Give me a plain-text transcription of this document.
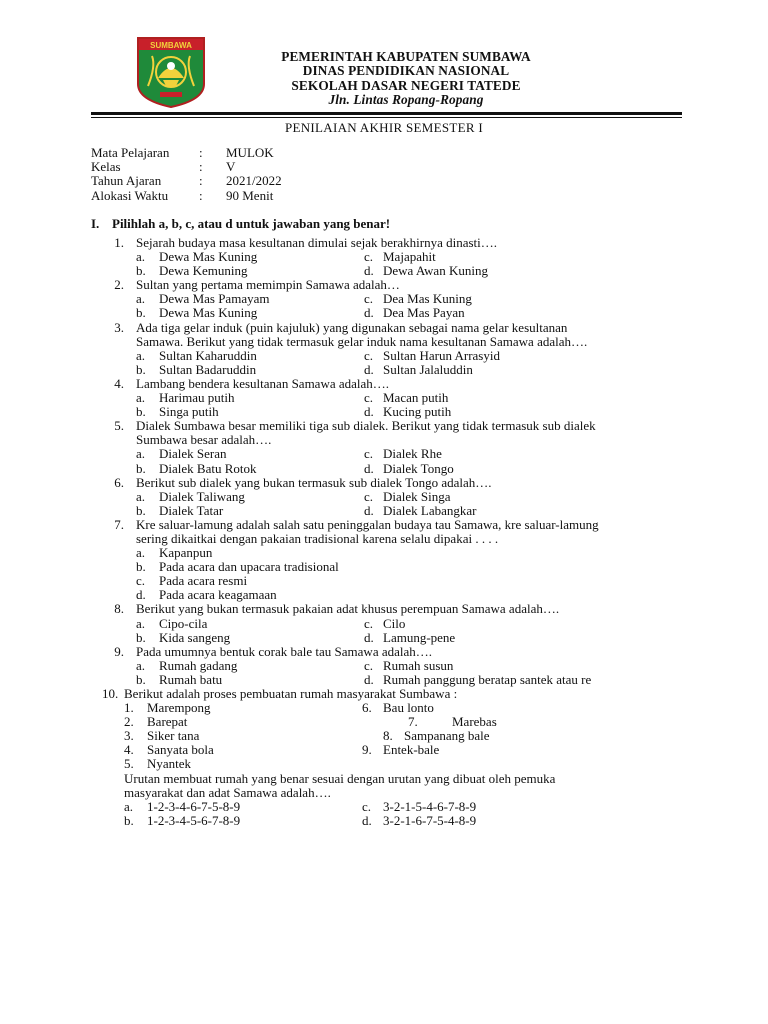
SUMBAWA
PEMERINTAH KABUPATEN SUMBAWA
DINAS PENDIDIKAN NASIONAL
SEKOLAH DASAR NEGERI TATEDE
Jln. Lintas Ropang-Ropang
PENILAIAN AKHIR SEMESTER I
Mata Pelajaran : MULOK
Kelas	: V
Tahun Ajaran	: 2021/2022
Alokasi Waktu : 90 Menit
I. Pilihlah a, b, c, atau d untuk jawaban yang benar!
1. Sejarah budaya masa kesultanan dimulai sejak berakhirnya dinasti….
a. Dewa Mas Kuning	c. Majapahit
b. Dewa Kemuning	d. Dewa Awan Kuning
2. Sultan yang pertama memimpin Samawa adalah…
a. Dewa Mas Pamayam	c. Dea Mas Kuning
b. Dewa Mas Kuning	d. Dea Mas Payan
3. Ada tiga gelar induk (puin kajuluk) yang digunakan sebagai nama gelar kesultanan
Samawa. Berikut yang tidak termasuk gelar induk nama kesultanan Samawa adalah….
a. Sultan Kaharuddin	c. Sultan Harun Arrasyid
b. Sultan Badaruddin	d. Sultan Jalaluddin
4. Lambang bendera kesultanan Samawa adalah….
a. Harimau putih	c. Macan putih
b. Singa putih	d. Kucing putih
5. Dialek Sumbawa besar memiliki tiga sub dialek. Berikut yang tidak termasuk sub dialek
Sumbawa besar adalah….
a. Dialek Seran	c. Dialek Rhe
b. Dialek Batu Rotok	d. Dialek Tongo
6. Berikut sub dialek yang bukan termasuk sub dialek Tongo adalah….
a. Dialek Taliwang	c. Dialek Singa
b. Dialek Tatar	d. Dialek Labangkar
7. Kre saluar-lamung adalah salah satu peninggalan budaya tau Samawa, kre saluar-lamung
sering dikaitkai dengan pakaian tradisional karena selalu dipakai . . . .
a. Kapanpun
b. Pada acara dan upacara tradisional
c. Pada acara resmi
d. Pada acara keagamaan
8. Berikut yang bukan termasuk pakaian adat khusus perempuan Samawa adalah….
a. Cipo-cila	c. Cilo
b. Kida sangeng	d. Lamung-pene
9. Pada umumnya bentuk corak bale tau Samawa adalah….
a. Rumah gadang	c. Rumah susun
b. Rumah batu	d. Rumah panggung beratap santek atau re
10. Berikut adalah proses pembuatan rumah masyarakat Sumbawa :
1. Marempong	6. Bau lonto
2. Barepat	7.	Marebas
3. Siker tana	8. Sampanang bale
4. Sanyata bola	9. Entek-bale
5. Nyantek
Urutan membuat rumah yang benar sesuai dengan urutan yang dibuat oleh pemuka
masyarakat dan adat Samawa adalah….
a. 1-2-3-4-6-7-5-8-9	c. 3-2-1-5-4-6-7-8-9
b. 1-2-3-4-5-6-7-8-9	d. 3-2-1-6-7-5-4-8-9
